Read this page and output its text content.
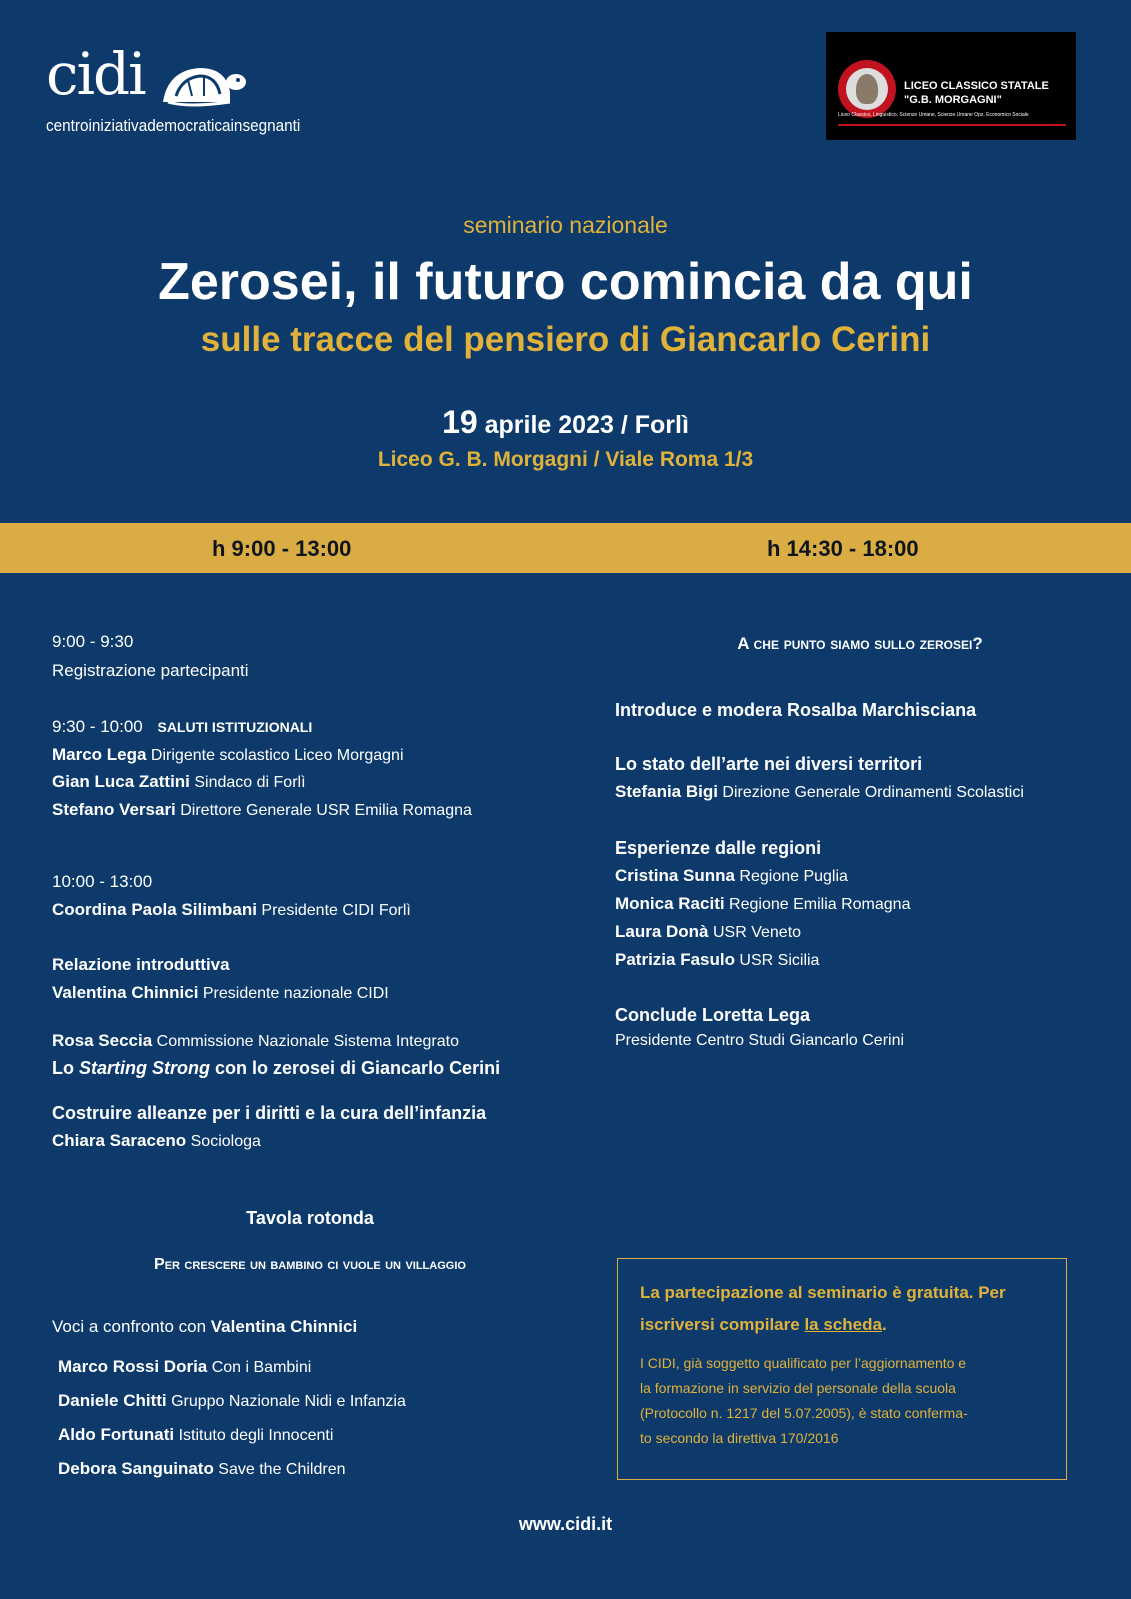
cidi
centroiniziativademocraticainsegnanti
LICEO CLASSICO STATALE
"G.B. MORGAGNI"
Liceo Classico, Linguistico, Scienze Umane, Scienze Umane Opz. Economico Sociale
seminario nazionale
Zerosei, il futuro comincia da qui
sulle tracce del pensiero di Giancarlo Cerini
19 aprile 2023 / Forlì
Liceo G. B. Morgagni / Viale Roma 1/3
h 9:00 - 13:00	h 14:30 - 18:00
9:00 - 9:30
Registrazione partecipanti
9:30 - 10:00 SALUTI ISTITUZIONALI
Marco Lega Dirigente scolastico Liceo Morgagni
Gian Luca Zattini Sindaco di Forlì
Stefano Versari Direttore Generale USR Emilia Romagna
10:00 - 13:00
Coordina Paola Silimbani Presidente CIDI Forlì
Relazione introduttiva
Valentina Chinnici Presidente nazionale CIDI
Rosa Seccia Commissione Nazionale Sistema Integrato
Lo Starting Strong con lo zerosei di Giancarlo Cerini
Costruire alleanze per i diritti e la cura dell’infanzia
Chiara Saraceno Sociologa
Tavola rotonda
Per crescere un bambino ci vuole un villaggio
Voci a confronto con Valentina Chinnici
Marco Rossi Doria Con i Bambini
Daniele Chitti Gruppo Nazionale Nidi e Infanzia
Aldo Fortunati Istituto degli Innocenti
Debora Sanguinato Save the Children
A che punto siamo sullo zerosei?
Introduce e modera Rosalba Marchisciana
Lo stato dell’arte nei diversi territori
Stefania Bigi Direzione Generale Ordinamenti Scolastici
Esperienze dalle regioni
Cristina Sunna Regione Puglia
Monica Raciti Regione Emilia Romagna
Laura Donà USR Veneto
Patrizia Fasulo USR Sicilia
Conclude Loretta Lega
Presidente Centro Studi Giancarlo Cerini
La partecipazione al seminario è gratuita. Per
iscriversi compilare la scheda.
I CIDI, già soggetto qualificato per l’aggiornamento e
la formazione in servizio del personale della scuola
(Protocollo n. 1217 del 5.07.2005), è stato conferma-
to secondo la direttiva 170/2016
www.cidi.it
